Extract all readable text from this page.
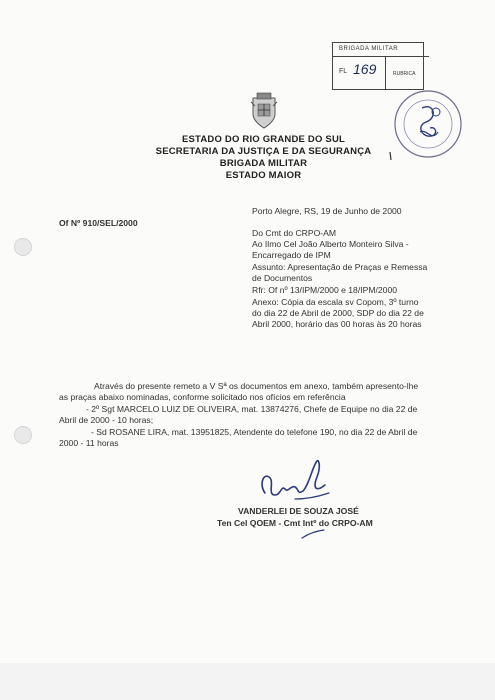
BRIGADA MILITAR
FL 169	RUBRICA
ESTADO DO RIO GRANDE DO SUL
SECRETARIA DA JUSTIÇA E DA SEGURANÇA
BRIGADA MILITAR
ESTADO MAIOR
Of Nº 910/SEL/2000
Porto Alegre, RS, 19 de Junho de 2000
Do Cmt do CRPO-AM
Ao Ilmo Cel João Alberto Monteiro Silva -
Encarregado de IPM
Assunto: Apresentação de Praças e Remessa
de Documentos
Rfr: Of nº 13/IPM/2000 e 18/IPM/2000
Anexo: Cópia da escala sv Copom, 3º turno
do dia 22 de Abril de 2000, SDP do dia 22 de
Abril 2000, horário das 00 horas às 20 horas
Através do presente remeto a V Sª os documentos em anexo, também apresento-lhe
as praças abaixo nominadas, conforme solicitado nos ofícios em referência
- 2º Sgt MARCELO LUIZ DE OLIVEIRA, mat. 13874276, Chefe de Equipe no dia 22 de
Abril de 2000 - 10 horas;
- Sd ROSANE LIRA, mat. 13951825, Atendente do telefone 190, no dia 22 de Abril de
2000 - 11 horas
VANDERLEI DE SOUZA JOSÉ
Ten Cel QOEM - Cmt Intº do CRPO-AM
